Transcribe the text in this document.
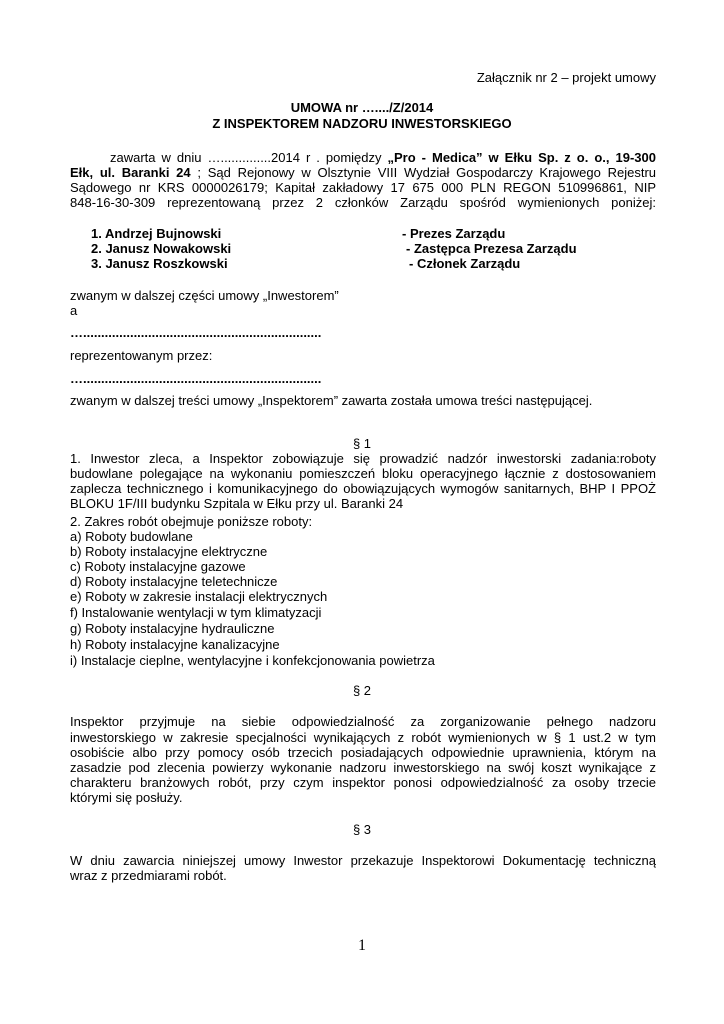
Załącznik nr 2 – projekt umowy
UMOWA nr …..../Z/2014
Z INSPEKTOREM NADZORU INWESTORSKIEGO
zawarta w dniu …..............2014 r . pomiędzy „Pro - Medica” w Ełku Sp. z o. o., 19-300
Ełk, ul. Baranki 24 ; Sąd Rejonowy w Olsztynie VIII Wydział Gospodarczy Krajowego Rejestru
Sądowego nr KRS 0000026179; Kapitał zakładowy 17 675 000 PLN REGON 510996861, NIP
848-16-30-309 reprezentowaną przez 2 członków Zarządu spośród wymienionych poniżej:
1. Andrzej Bujnowski	- Prezes Zarządu
2. Janusz Nowakowski	- Zastępca Prezesa Zarządu
3. Janusz Roszkowski	- Członek Zarządu
zwanym w dalszej części umowy „Inwestorem”
a
…..................................................................
reprezentowanym przez:
…..................................................................
zwanym w dalszej treści umowy „Inspektorem” zawarta została umowa treści następującej.
§ 1
1. Inwestor zleca, a Inspektor zobowiązuje się prowadzić nadzór inwestorski zadania:roboty
budowlane polegające na wykonaniu pomieszczeń bloku operacyjnego łącznie z dostosowaniem
zaplecza technicznego i komunikacyjnego do obowiązujących wymogów sanitarnych, BHP I PPOŻ
BLOKU 1F/III budynku Szpitala w Ełku przy ul. Baranki 24
2. Zakres robót obejmuje poniższe roboty:
a) Roboty budowlane
b) Roboty instalacyjne elektryczne
c) Roboty instalacyjne gazowe
d) Roboty instalacyjne teletechnicze
e) Roboty w zakresie instalacji elektrycznych
f) Instalowanie wentylacji w tym klimatyzacji
g) Roboty instalacyjne hydrauliczne
h) Roboty instalacyjne kanalizacyjne
i) Instalacje cieplne, wentylacyjne i konfekcjonowania powietrza
§ 2
Inspektor przyjmuje na siebie odpowiedzialność za zorganizowanie pełnego nadzoru
inwestorskiego w zakresie specjalności wynikających z robót wymienionych w § 1 ust.2 w tym
osobiście albo przy pomocy osób trzecich posiadających odpowiednie uprawnienia, którym na
zasadzie pod zlecenia powierzy wykonanie nadzoru inwestorskiego na swój koszt wynikające z
charakteru branżowych robót, przy czym inspektor ponosi odpowiedzialność za osoby trzecie
którymi się posłuży.
§ 3
W dniu zawarcia niniejszej umowy Inwestor przekazuje Inspektorowi Dokumentację techniczną
wraz z przedmiarami robót.
1
